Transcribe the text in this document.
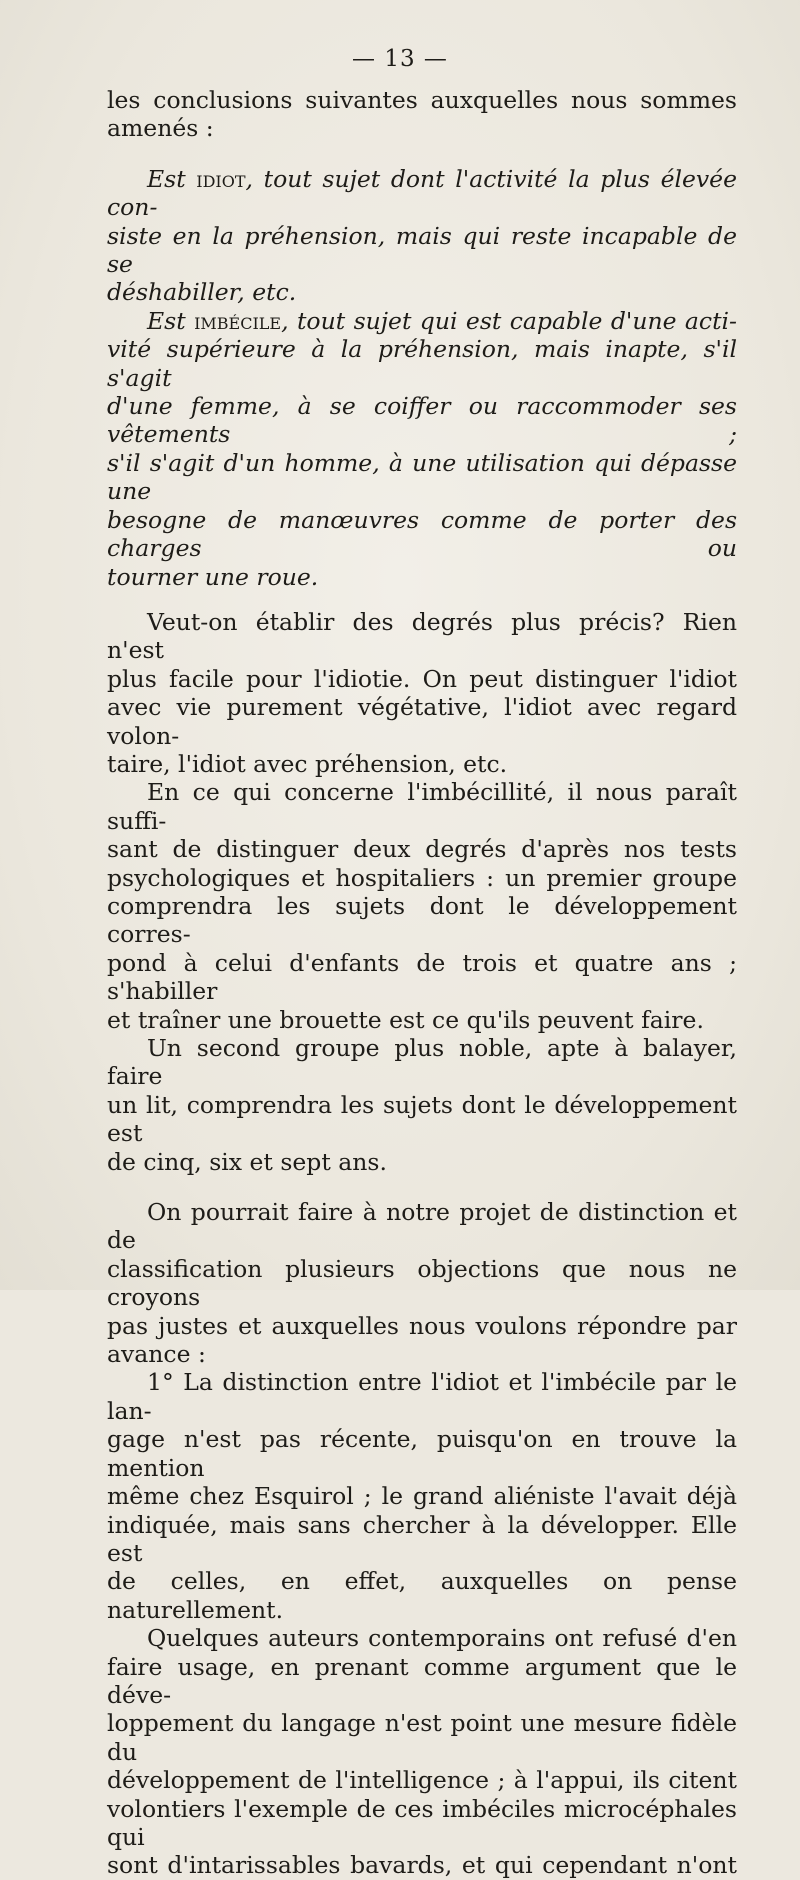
— 13 —

les conclusions suivantes auxquelles nous sommes

amenés :

Est idiot, tout sujet dont l'activité la plus élevée con-

siste en la préhension, mais qui reste incapable de se

déshabiller, etc.

Est imbécile, tout sujet qui est capable d'une acti-

vité supérieure à la préhension, mais inapte, s'il s'agit

d'une femme, à se coiffer ou raccommoder ses vêtements ;

s'il s'agit d'un homme, à une utilisation qui dépasse une

besogne de manœuvres comme de porter des charges ou

tourner une roue.

Veut-on établir des degrés plus précis? Rien n'est

plus facile pour l'idiotie. On peut distinguer l'idiot

avec vie purement végétative, l'idiot avec regard volon-

taire, l'idiot avec préhension, etc.

En ce qui concerne l'imbécillité, il nous paraît suffi-

sant de distinguer deux degrés d'après nos tests

psychologiques et hospitaliers : un premier groupe

comprendra les sujets dont le développement corres-

pond à celui d'enfants de trois et quatre ans ; s'habiller

et traîner une brouette est ce qu'ils peuvent faire.

Un second groupe plus noble, apte à balayer, faire

un lit, comprendra les sujets dont le développement est

de cinq, six et sept ans.

On pourrait faire à notre projet de distinction et de

classification plusieurs objections que nous ne croyons

pas justes et auxquelles nous voulons répondre par

avance :

1° La distinction entre l'idiot et l'imbécile par le lan-

gage n'est pas récente, puisqu'on en trouve la mention

même chez Esquirol ; le grand aliéniste l'avait déjà

indiquée, mais sans chercher à la développer. Elle est

de celles, en effet, auxquelles on pense naturellement.

Quelques auteurs contemporains ont refusé d'en

faire usage, en prenant comme argument que le déve-

loppement du langage n'est point une mesure fidèle du

développement de l'intelligence ; à l'appui, ils citent

volontiers l'exemple de ces imbéciles microcéphales qui

sont d'intarissables bavards, et qui cependant n'ont
